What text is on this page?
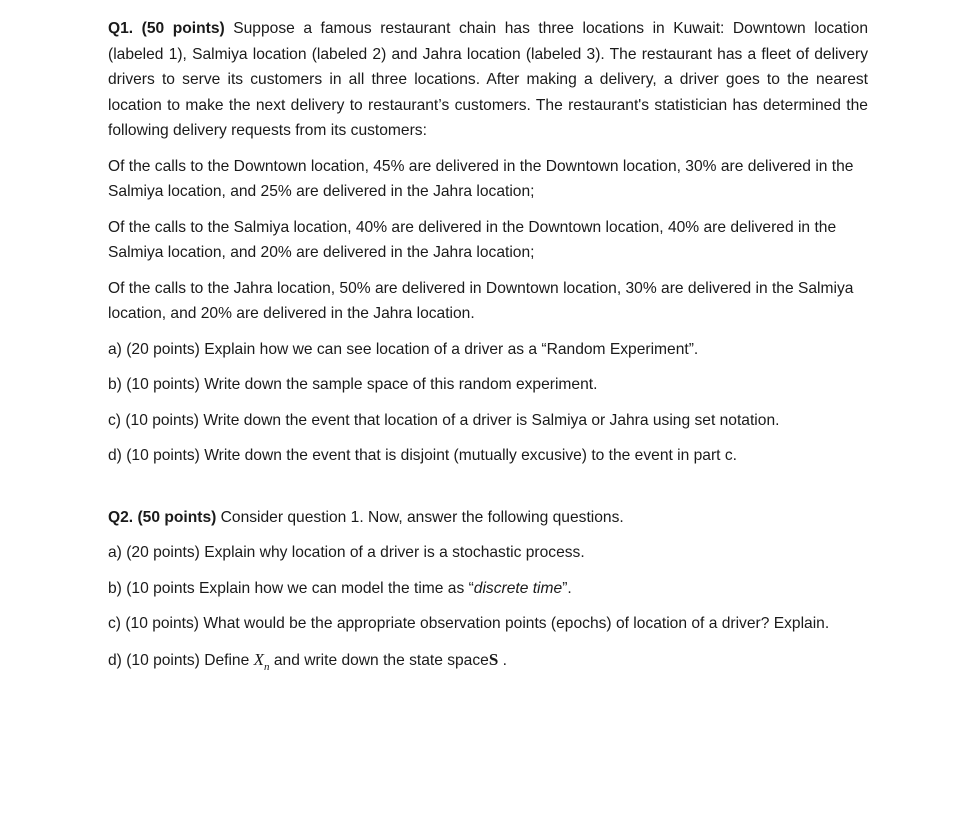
Q1. (50 points) Suppose a famous restaurant chain has three locations in Kuwait: Downtown location (labeled 1), Salmiya location (labeled 2) and Jahra location (labeled 3). The restaurant has a fleet of delivery drivers to serve its customers in all three locations. After making a delivery, a driver goes to the nearest location to make the next delivery to restaurant’s customers. The restaurant's statistician has determined the following delivery requests from its customers:

Of the calls to the Downtown location, 45% are delivered in the Downtown location, 30% are delivered in the Salmiya location, and 25% are delivered in the Jahra location;

Of the calls to the Salmiya location, 40% are delivered in the Downtown location, 40% are delivered in the Salmiya location, and 20% are delivered in the Jahra location;

Of the calls to the Jahra location, 50% are delivered in Downtown location, 30% are delivered in the Salmiya location, and 20% are delivered in the Jahra location.

a) (20 points) Explain how we can see location of a driver as a “Random Experiment”.

b) (10 points) Write down the sample space of this random experiment.

c) (10 points) Write down the event that location of a driver is Salmiya or Jahra using set notation.

d) (10 points) Write down the event that is disjoint (mutually excusive) to the event in part c.

Q2. (50 points) Consider question 1. Now, answer the following questions.

a) (20 points) Explain why location of a driver is a stochastic process.

b) (10 points Explain how we can model the time as “discrete time”.

c) (10 points) What would be the appropriate observation points (epochs) of location of a driver? Explain.

d) (10 points) Define $X_n$ and write down the state spaceS .
